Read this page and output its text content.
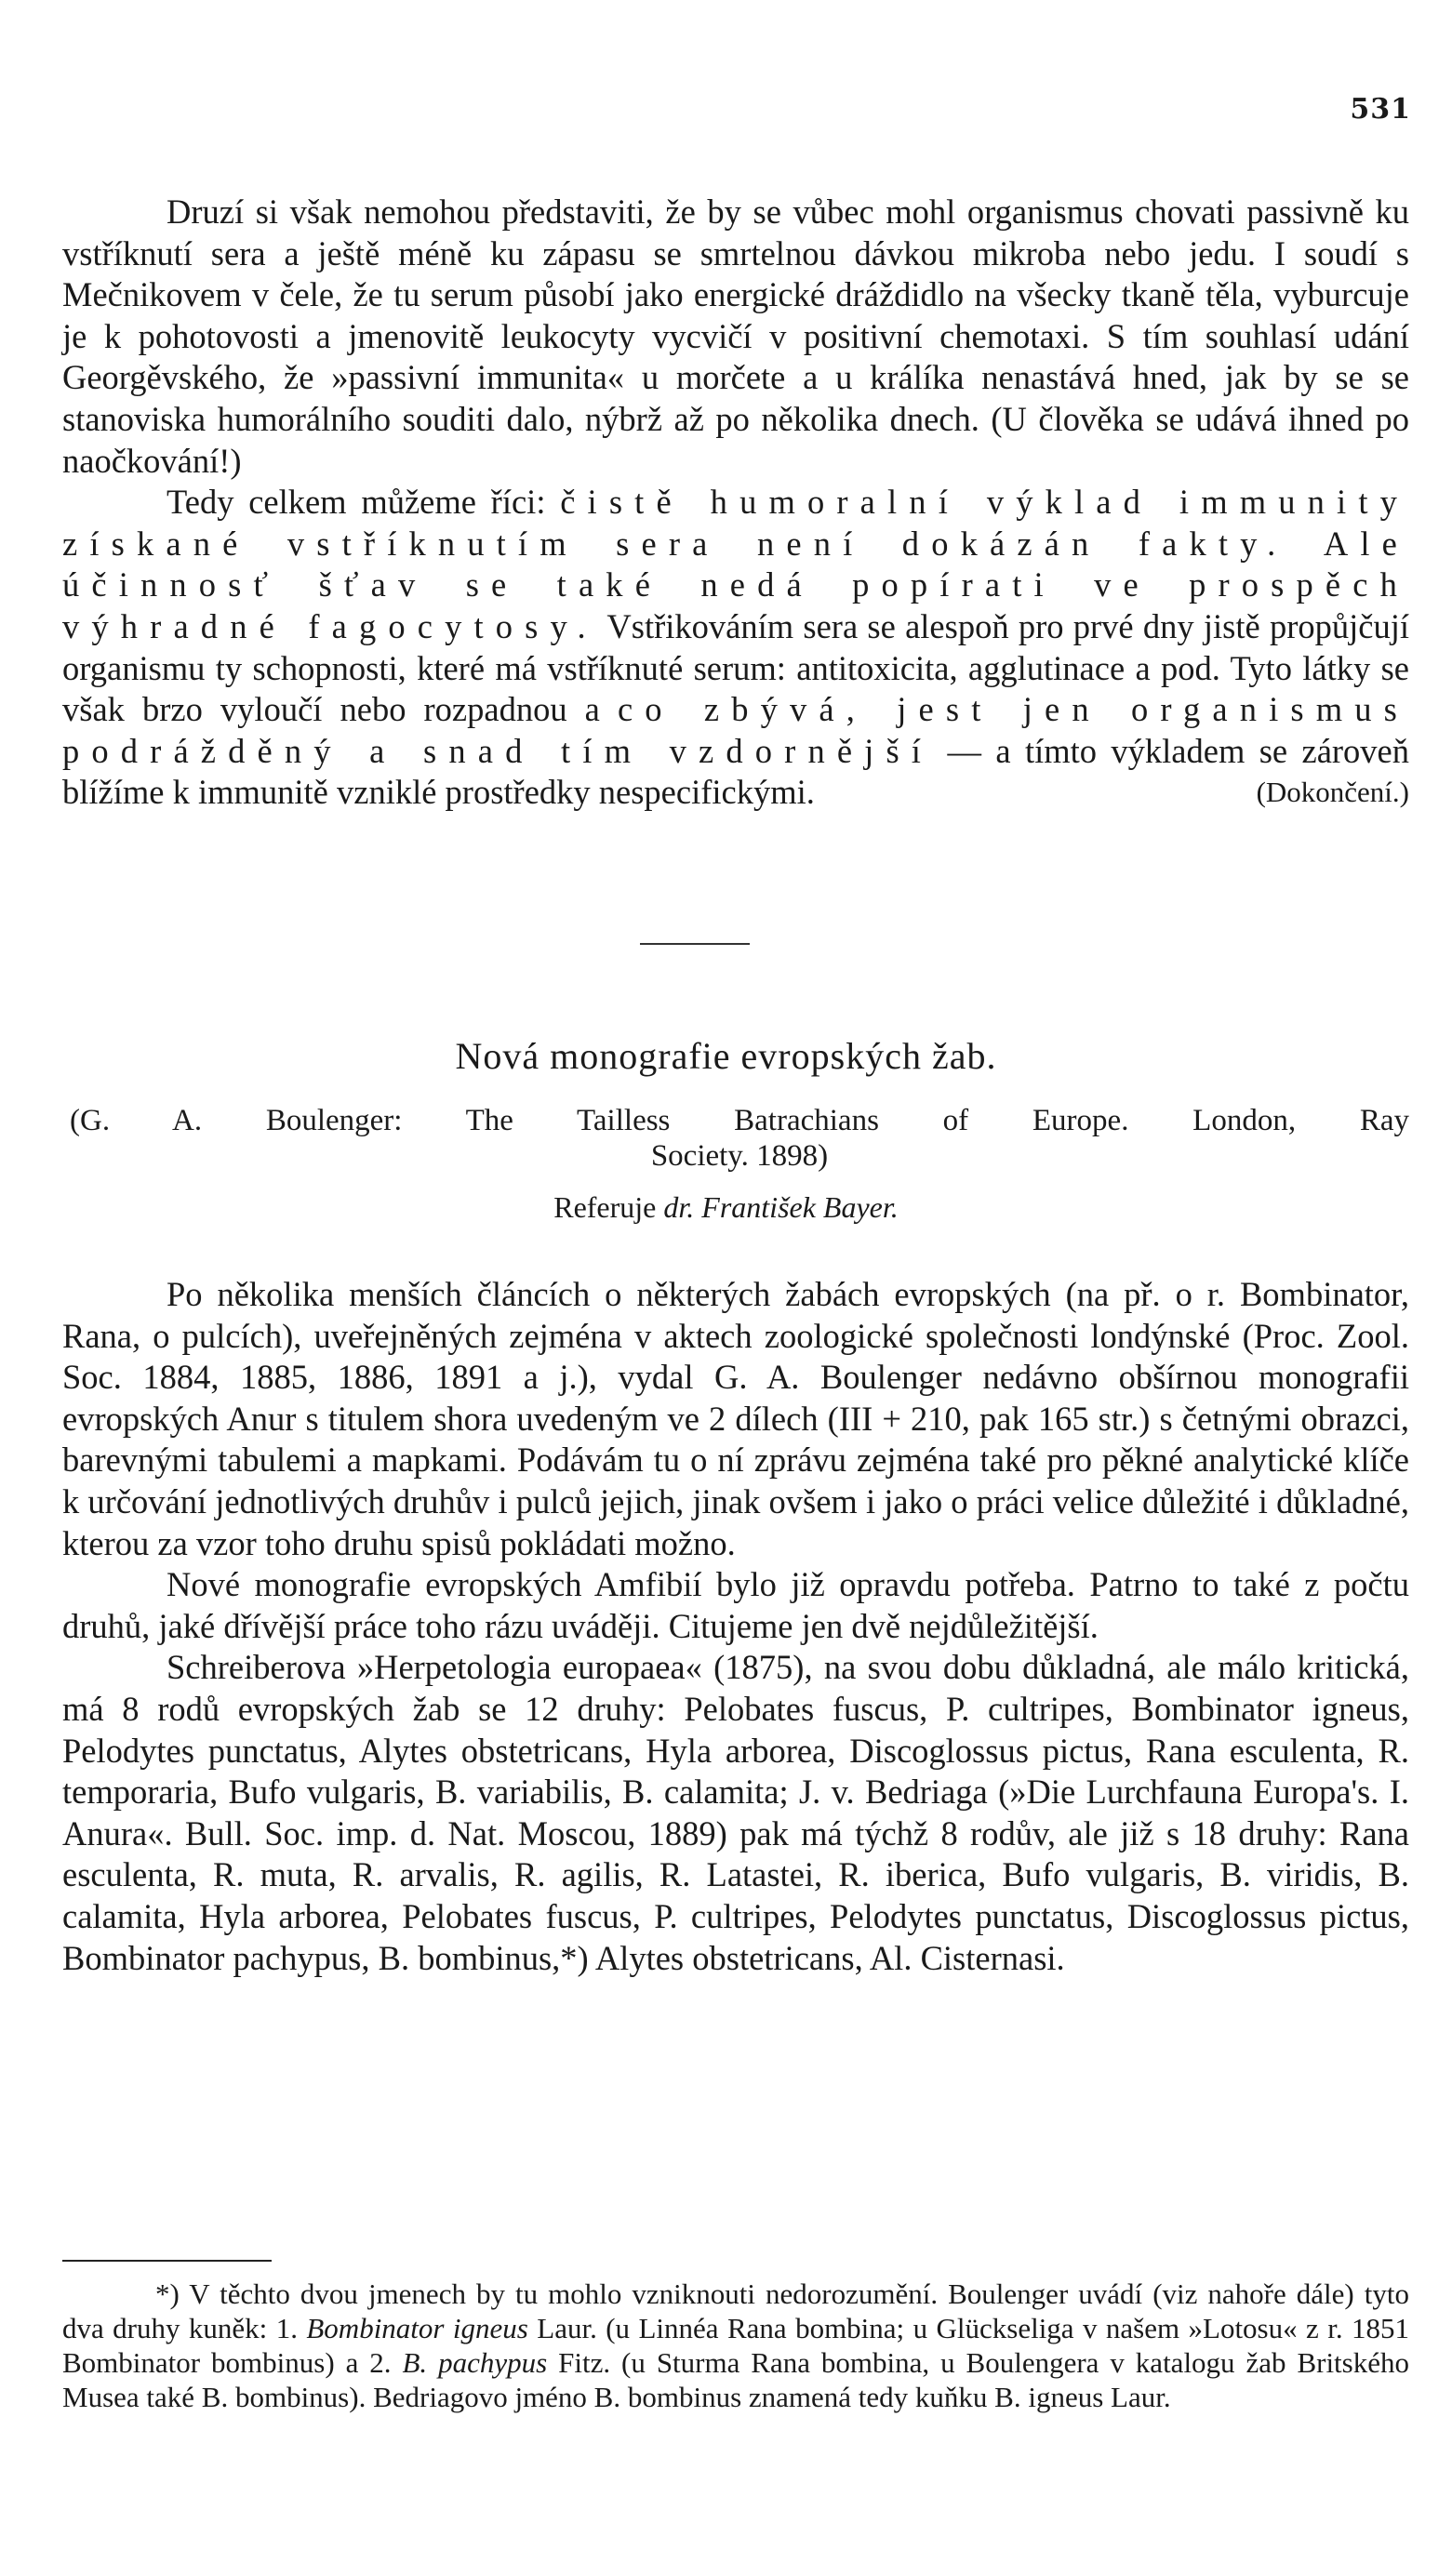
531

Druzí si však nemohou představiti, že by se vůbec mohl organismus chovati passivně ku vstříknutí sera a ještě méně ku zápasu se smrtelnou dávkou mikroba nebo jedu. I soudí s Mečnikovem v čele, že tu serum působí jako energické dráždidlo na všecky tkaně těla, vyburcuje je k pohotovosti a jmenovitě leukocyty vycvičí v positivní chemotaxi. S tím souhlasí udání Georgěvského, že »passivní immunita« u morčete a u králíka nenastává hned, jak by se se stanoviska humorálního souditi dalo, nýbrž až po několika dnech. (U člověka se udává ihned po naočkování!)

Tedy celkem můžeme říci: čistě humoralní výklad immunity získané vstříknutím sera není dokázán fakty. Ale účinnosť šťav se také nedá popírati ve prospěch výhradné fagocytosy. Vstřikováním sera se alespoň pro prvé dny jistě propůjčují organismu ty schopnosti, které má vstříknuté serum: antitoxicita, agglutinace a pod. Tyto látky se však brzo vyloučí nebo rozpadnou a co zbývá, jest jen organismus podrážděný a snad tím vzdornější — a tímto výkladem se zároveň blížíme k immunitě vzniklé prostředky nespecifickými.	(Dokončení.)
Nová monografie evropských žab.
(G. A. Boulenger: The Tailless Batrachians of Europe. London, Ray
Society. 1898)
Referuje dr. František Bayer.

Po několika menších článcích o některých žabách evropských (na př. o r. Bombinator, Rana, o pulcích), uveřejněných zejména v aktech zoologické společnosti londýnské (Proc. Zool. Soc. 1884, 1885, 1886, 1891 a j.), vydal G. A. Boulenger nedávno obšírnou monografii evropských Anur s titulem shora uvedeným ve 2 dílech (III + 210, pak 165 str.) s četnými obrazci, barevnými tabulemi a mapkami. Podávám tu o ní zprávu zejména také pro pěkné analytické klíče k určování jednotlivých druhův i pulců jejich, jinak ovšem i jako o práci velice důležité i důkladné, kterou za vzor toho druhu spisů pokládati možno.

Nové monografie evropských Amfibií bylo již opravdu potřeba. Patrno to také z počtu druhů, jaké dřívější práce toho rázu uváději. Citujeme jen dvě nejdůležitější.

Schreiberova »Herpetologia europaea« (1875), na svou dobu důkladná, ale málo kritická, má 8 rodů evropských žab se 12 druhy: Pelobates fuscus, P. cultripes, Bombinator igneus, Pelodytes punctatus, Alytes obstetricans, Hyla arborea, Discoglossus pictus, Rana esculenta, R. temporaria, Bufo vulgaris, B. variabilis, B. calamita; J. v. Bedriaga (»Die Lurchfauna Europa's. I. Anura«. Bull. Soc. imp. d. Nat. Moscou, 1889) pak má týchž 8 rodův, ale již s 18 druhy: Rana esculenta, R. muta, R. arvalis, R. agilis, R. Latastei, R. iberica, Bufo vulgaris, B. viridis, B. calamita, Hyla arborea, Pelobates fuscus, P. cultripes, Pelodytes punctatus, Discoglossus pictus, Bombinator pachypus, B. bombinus,*) Alytes obstetricans, Al. Cisternasi.

*) V těchto dvou jmenech by tu mohlo vzniknouti nedorozumění. Boulenger uvádí (viz nahoře dále) tyto dva druhy kuněk: 1. Bombinator igneus Laur. (u Linnéa Rana bombina; u Glückseliga v našem »Lotosu« z r. 1851 Bombinator bombinus) a 2. B. pachypus Fitz. (u Sturma Rana bombina, u Boulengera v katalogu žab Britského Musea také B. bombinus). Bedriagovo jméno B. bombinus znamená tedy kuňku B. igneus Laur.
